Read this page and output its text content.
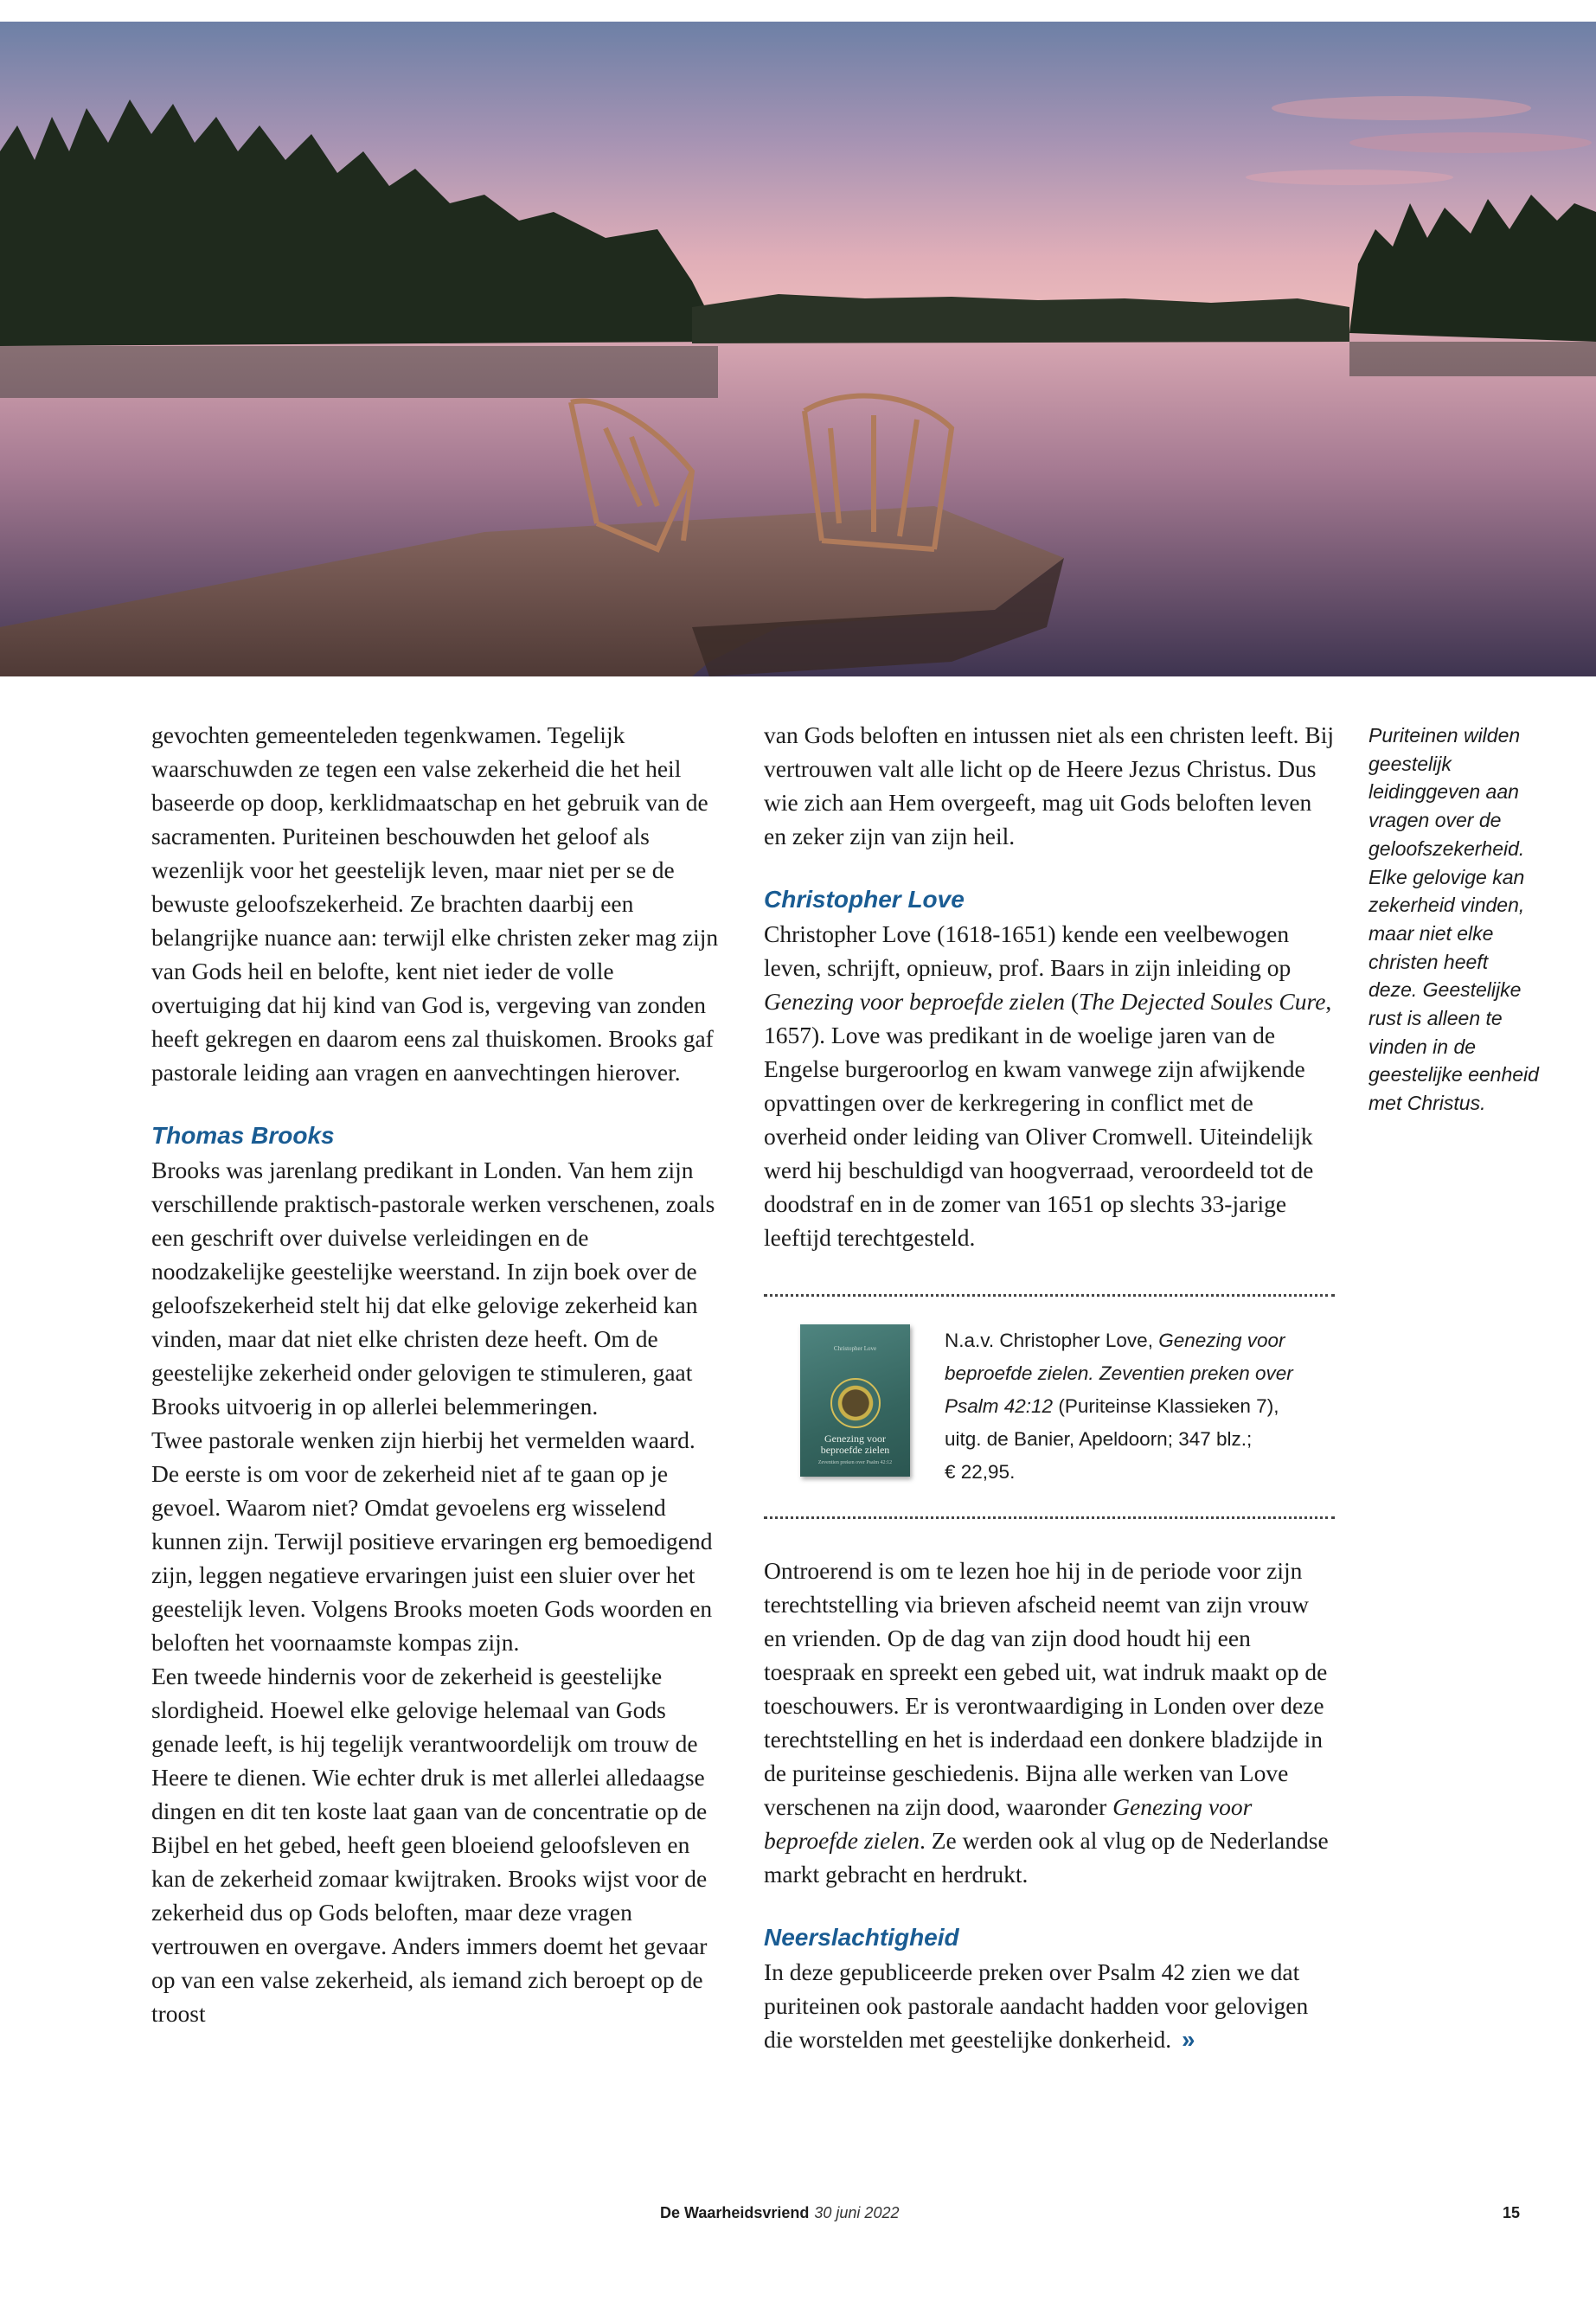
gevochten gemeenteleden tegenkwamen. Tegelijk waarschuwden ze tegen een valse zekerheid die het heil baseerde op doop, kerklidmaatschap en het gebruik van de sacramenten. Puriteinen beschouwden het geloof als wezenlijk voor het geestelijk leven, maar niet per se de bewuste geloofszekerheid. Ze brachten daarbij een belangrijke nuance aan: terwijl elke christen zeker mag zijn van Gods heil en belofte, kent niet ieder de volle overtuiging dat hij kind van God is, vergeving van zonden heeft gekregen en daarom eens zal thuiskomen. Brooks gaf pastorale leiding aan vragen en aanvechtingen hierover.

Thomas Brooks

Brooks was jarenlang predikant in Londen. Van hem zijn verschillende praktisch-pastorale werken verschenen, zoals een geschrift over duivelse verleidingen en de noodzakelijke geestelijke weerstand. In zijn boek over de geloofszekerheid stelt hij dat elke gelovige zekerheid kan vinden, maar dat niet elke christen deze heeft. Om de geestelijke zekerheid onder gelovigen te stimuleren, gaat Brooks uitvoerig in op allerlei belemmeringen.

Twee pastorale wenken zijn hierbij het vermelden waard. De eerste is om voor de zekerheid niet af te gaan op je gevoel. Waarom niet? Omdat gevoelens erg wisselend kunnen zijn. Terwijl positieve ervaringen erg bemoedigend zijn, leggen negatieve ervaringen juist een sluier over het geestelijk leven. Volgens Brooks moeten Gods woorden en beloften het voornaamste kompas zijn.

Een tweede hindernis voor de zekerheid is geestelijke slordigheid. Hoewel elke gelovige helemaal van Gods genade leeft, is hij tegelijk verantwoordelijk om trouw de Heere te dienen. Wie echter druk is met allerlei alledaagse dingen en dit ten koste laat gaan van de concentratie op de Bijbel en het gebed, heeft geen bloeiend geloofsleven en kan de zekerheid zomaar kwijtraken. Brooks wijst voor de zekerheid dus op Gods beloften, maar deze vragen vertrouwen en overgave. Anders immers doemt het gevaar op van een valse zekerheid, als iemand zich beroept op de troost

van Gods beloften en intussen niet als een christen leeft. Bij vertrouwen valt alle licht op de Heere Jezus Christus. Dus wie zich aan Hem overgeeft, mag uit Gods beloften leven en zeker zijn van zijn heil.

Christopher Love

Christopher Love (1618-1651) kende een veelbewogen leven, schrijft, opnieuw, prof. Baars in zijn inleiding op Genezing voor beproefde zielen (The Dejected Soules Cure, 1657). Love was predikant in de woelige jaren van de Engelse burgeroorlog en kwam vanwege zijn afwijkende opvattingen over de kerkregering in conflict met de overheid onder leiding van Oliver Cromwell. Uiteindelijk werd hij beschuldigd van hoogverraad, veroordeeld tot de doodstraf en in de zomer van 1651 op slechts 33-jarige leeftijd terechtgesteld.

Christopher Love
Genezing voor beproefde zielen
Zeventien preken over Psalm 42:12
N.a.v. Christopher Love, Genezing voor beproefde zielen. Zeventien preken over Psalm 42:12 (Puriteinse Klassieken 7), uitg. de Banier, Apeldoorn; 347 blz.;
€ 22,95.

Ontroerend is om te lezen hoe hij in de periode voor zijn terechtstelling via brieven afscheid neemt van zijn vrouw en vrienden. Op de dag van zijn dood houdt hij een toespraak en spreekt een gebed uit, wat indruk maakt op de toeschouwers. Er is verontwaardiging in Londen over deze terechtstelling en het is inderdaad een donkere bladzijde in de puriteinse geschiedenis. Bijna alle werken van Love verschenen na zijn dood, waaronder Genezing voor beproefde zielen. Ze werden ook al vlug op de Nederlandse markt gebracht en herdrukt.

Neerslachtigheid

In deze gepubliceerde preken over Psalm 42 zien we dat puriteinen ook pastorale aandacht hadden voor gelovigen die worstelden met geestelijke donkerheid. »

Puriteinen wilden geestelijk leidinggeven aan vragen over de geloofszekerheid. Elke gelovige kan zekerheid vinden, maar niet elke christen heeft deze. Geestelijke rust is alleen te vinden in de geestelijke eenheid met Christus.

De Waarheidsvriend 30 juni 2022	15
